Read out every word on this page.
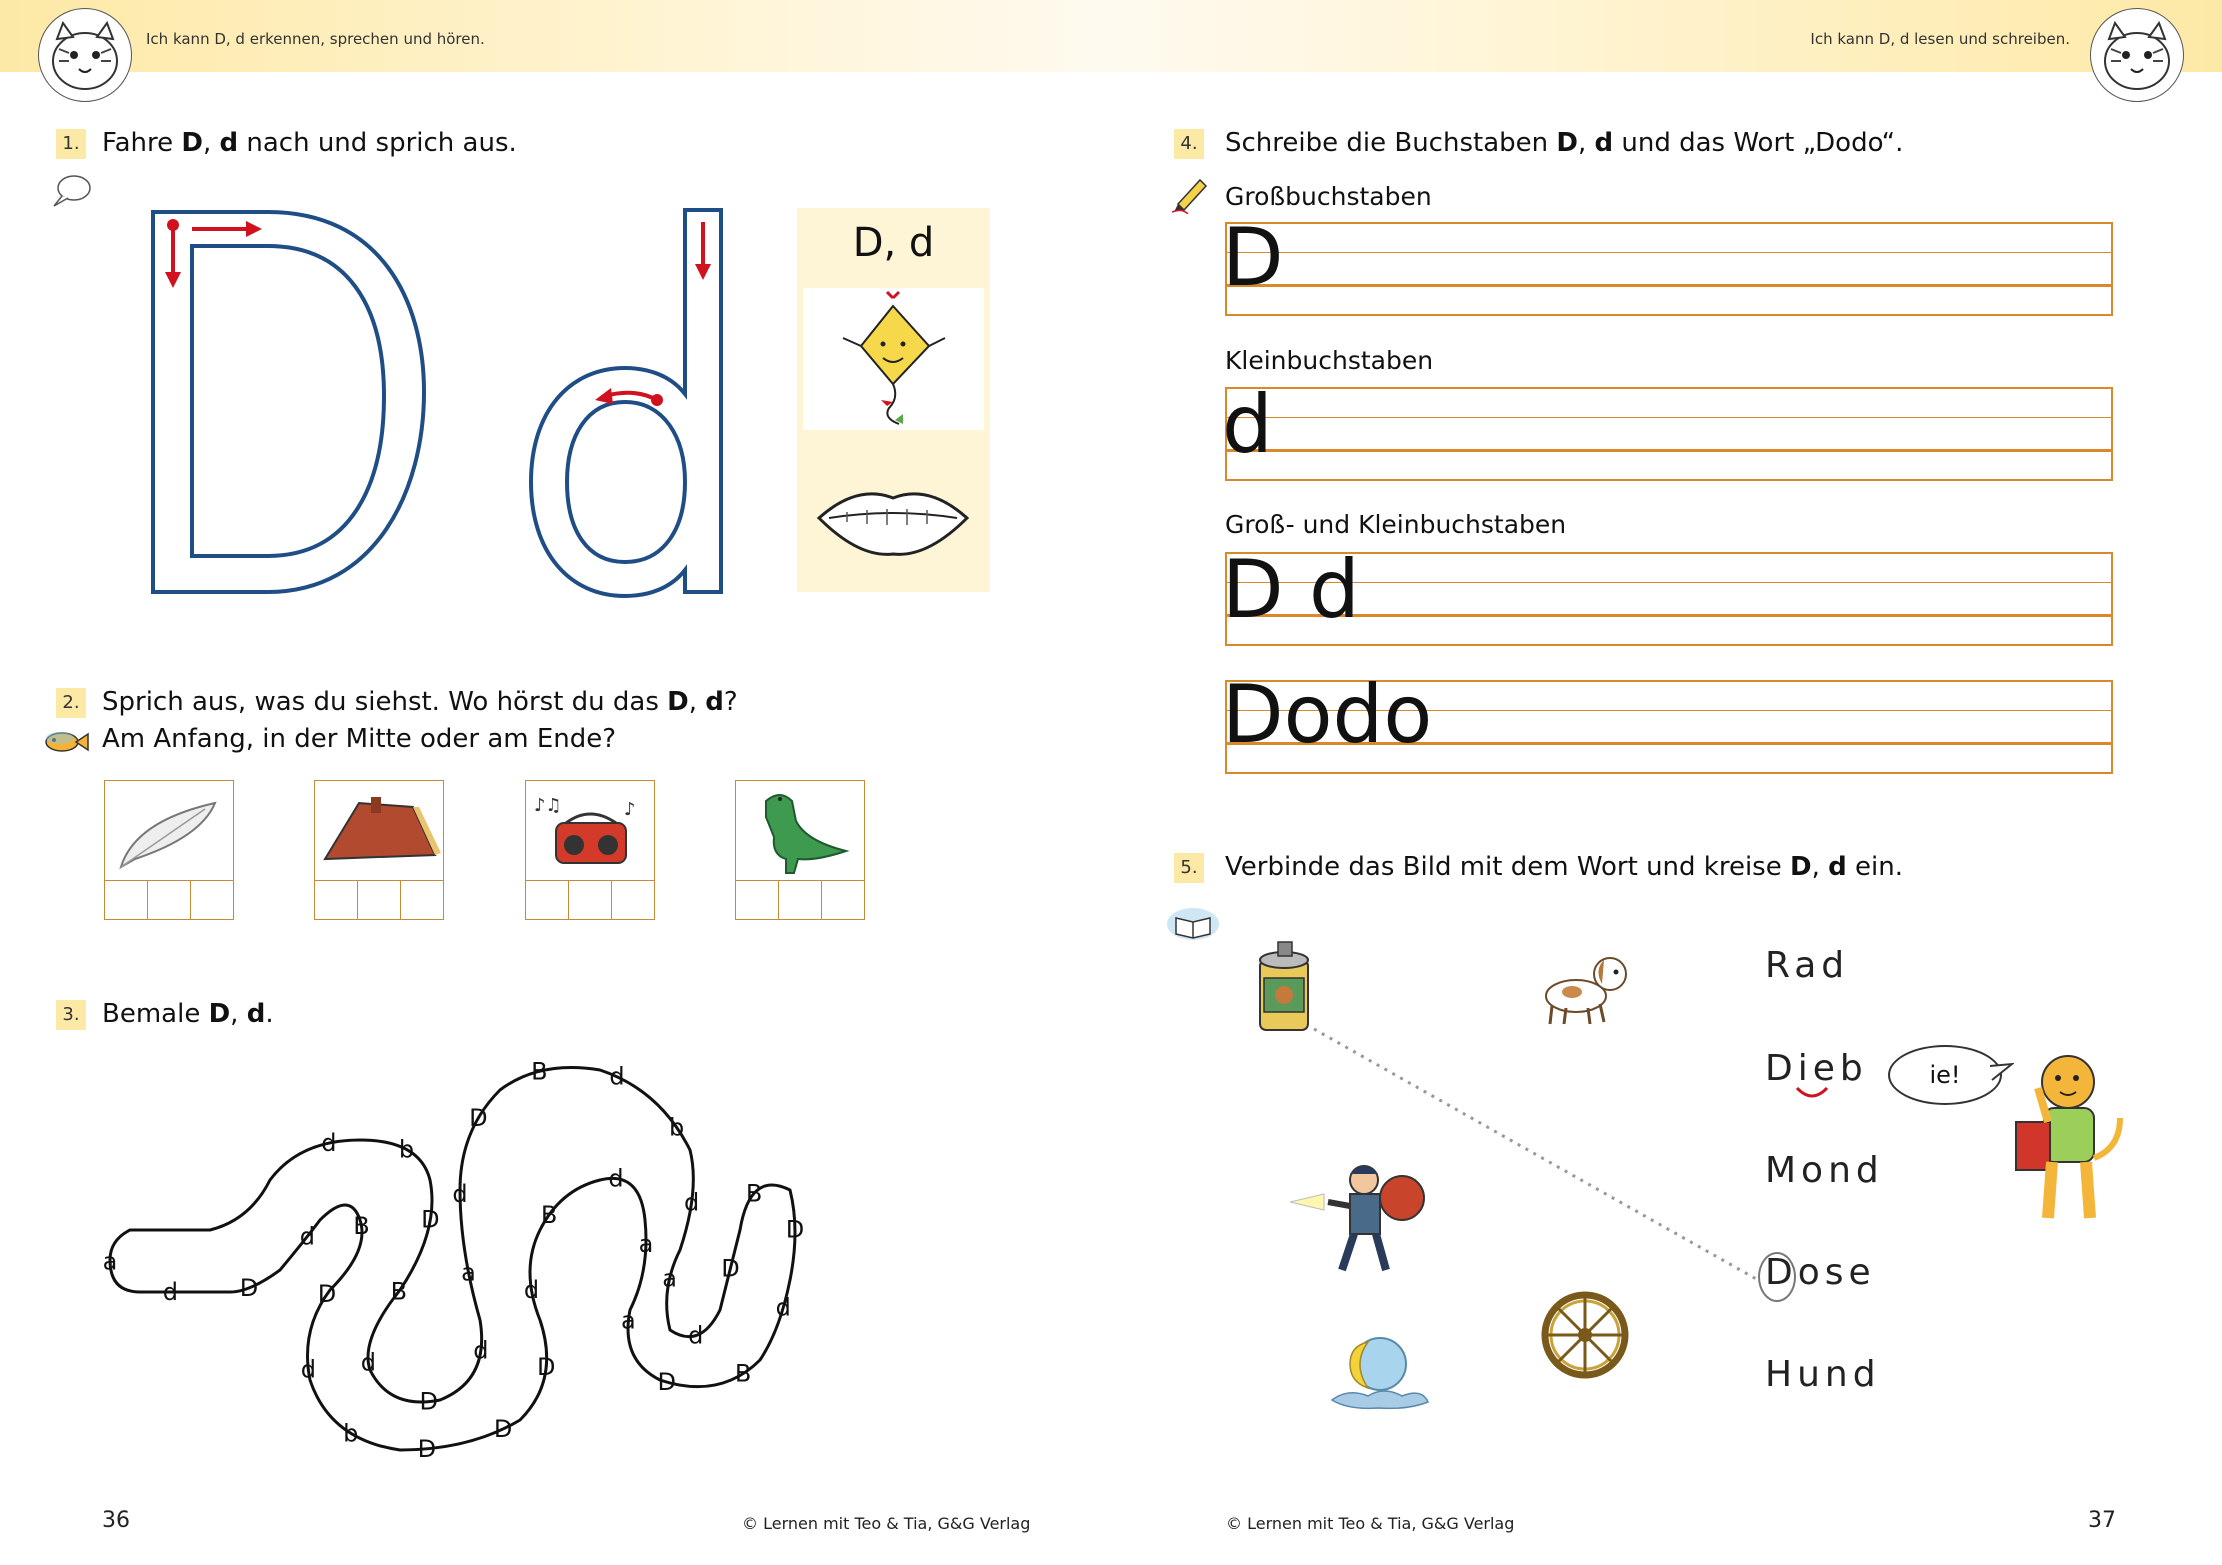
Ich kann D, d erkennen, sprechen und hören.	Ich kann D, d lesen und schreiben.
1. Fahre D, d nach und sprich aus.
D, d
2. Sprich aus, was du siehst. Wo hörst du das D, d?
Am Anfang, in der Mitte oder am Ende?
♪♫	♪
3. Bemale D, d.
a
d	D
d B
D
d
b
D
D
D
d
B
d
a
a
D B
d
D
B
D
d
a
d
b
d
B
D
d
a
d
D
d
B
D
b
d
4. Schreibe die Buchstaben D, d und das Wort „Dodo“.
Großbuchstaben
D
Kleinbuchstaben
d
Groß- und Kleinbuchstaben
D d
Dodo
5. Verbinde das Bild mit dem Wort und kreise D, d ein.
Rad
Dieb
Mond
Dose
Hund
ie!
36	© Lernen mit Teo & Tia, G&G Verlag	© Lernen mit Teo & Tia, G&G Verlag	37
